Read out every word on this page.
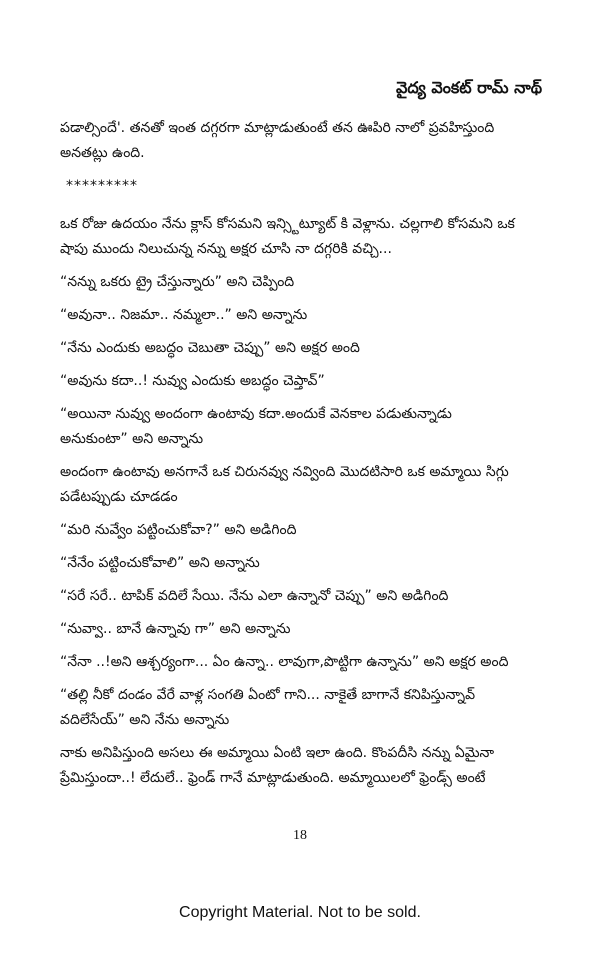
వైద్య వెంకట్ రామ్ నాథ్
పడాల్సిందే'. తనతో ఇంత దగ్గరగా మాట్లాడుతుంటే తన ఊపిరి నాలో ప్రవహిస్తుంది
అనతట్లు ఉంది.
*********
ఒక రోజు ఉదయం నేను క్లాస్ కోసమని ఇన్స్టిట్యూట్ కి వెళ్లాను. చల్లగాలి కోసమని ఒక
షాపు ముందు నిలుచున్న నన్ను అక్షర చూసి నా దగ్గరికి వచ్చి...
“నన్ను ఒకరు ట్రై చేస్తున్నారు” అని చెప్పింది
“అవునా.. నిజమా.. నమ్మలా..” అని అన్నాను
“నేను ఎందుకు అబద్ధం చెబుతా చెప్పు” అని అక్షర అంది
“అవును కదా..! నువ్వు ఎందుకు అబద్ధం చెప్తావ్”
“అయినా నువ్వు అందంగా ఉంటావు కదా.అందుకే వెనకాల పడుతున్నాడు
అనుకుంటా” అని అన్నాను
అందంగా ఉంటావు అనగానే ఒక చిరునవ్వు నవ్వింది మొదటిసారి ఒక అమ్మాయి సిగ్గు
పడేటప్పుడు చూడడం
“మరి నువ్వేం పట్టించుకోవా?” అని అడిగింది
“నేనేం పట్టించుకోవాలి” అని అన్నాను
“సరే సరే.. టాపిక్ వదిలే సేయి. నేను ఎలా ఉన్నానో చెప్పు” అని అడిగింది
“నువ్వా.. బానే ఉన్నావు గా” అని అన్నాను
“నేనా ..!అని ఆశ్చర్యంగా... ఏం ఉన్నా.. లావుగా,పొట్టిగా ఉన్నాను” అని అక్షర అంది
“తల్లి నీకో దండం వేరే వాళ్ల సంగతి ఏంటో గాని... నాకైతే బాగానే కనిపిస్తున్నావ్
వదిలేసేయ్” అని నేను అన్నాను
నాకు అనిపిస్తుంది అసలు ఈ అమ్మాయి ఏంటి ఇలా ఉంది. కొంపదీసి నన్ను ఏమైనా
ప్రేమిస్తుందా..! లేదులే.. ఫ్రెండ్ గానే మాట్లాడుతుంది. అమ్మాయిలలో ఫ్రెండ్స్ అంటే
18
Copyright Material. Not to be sold.
